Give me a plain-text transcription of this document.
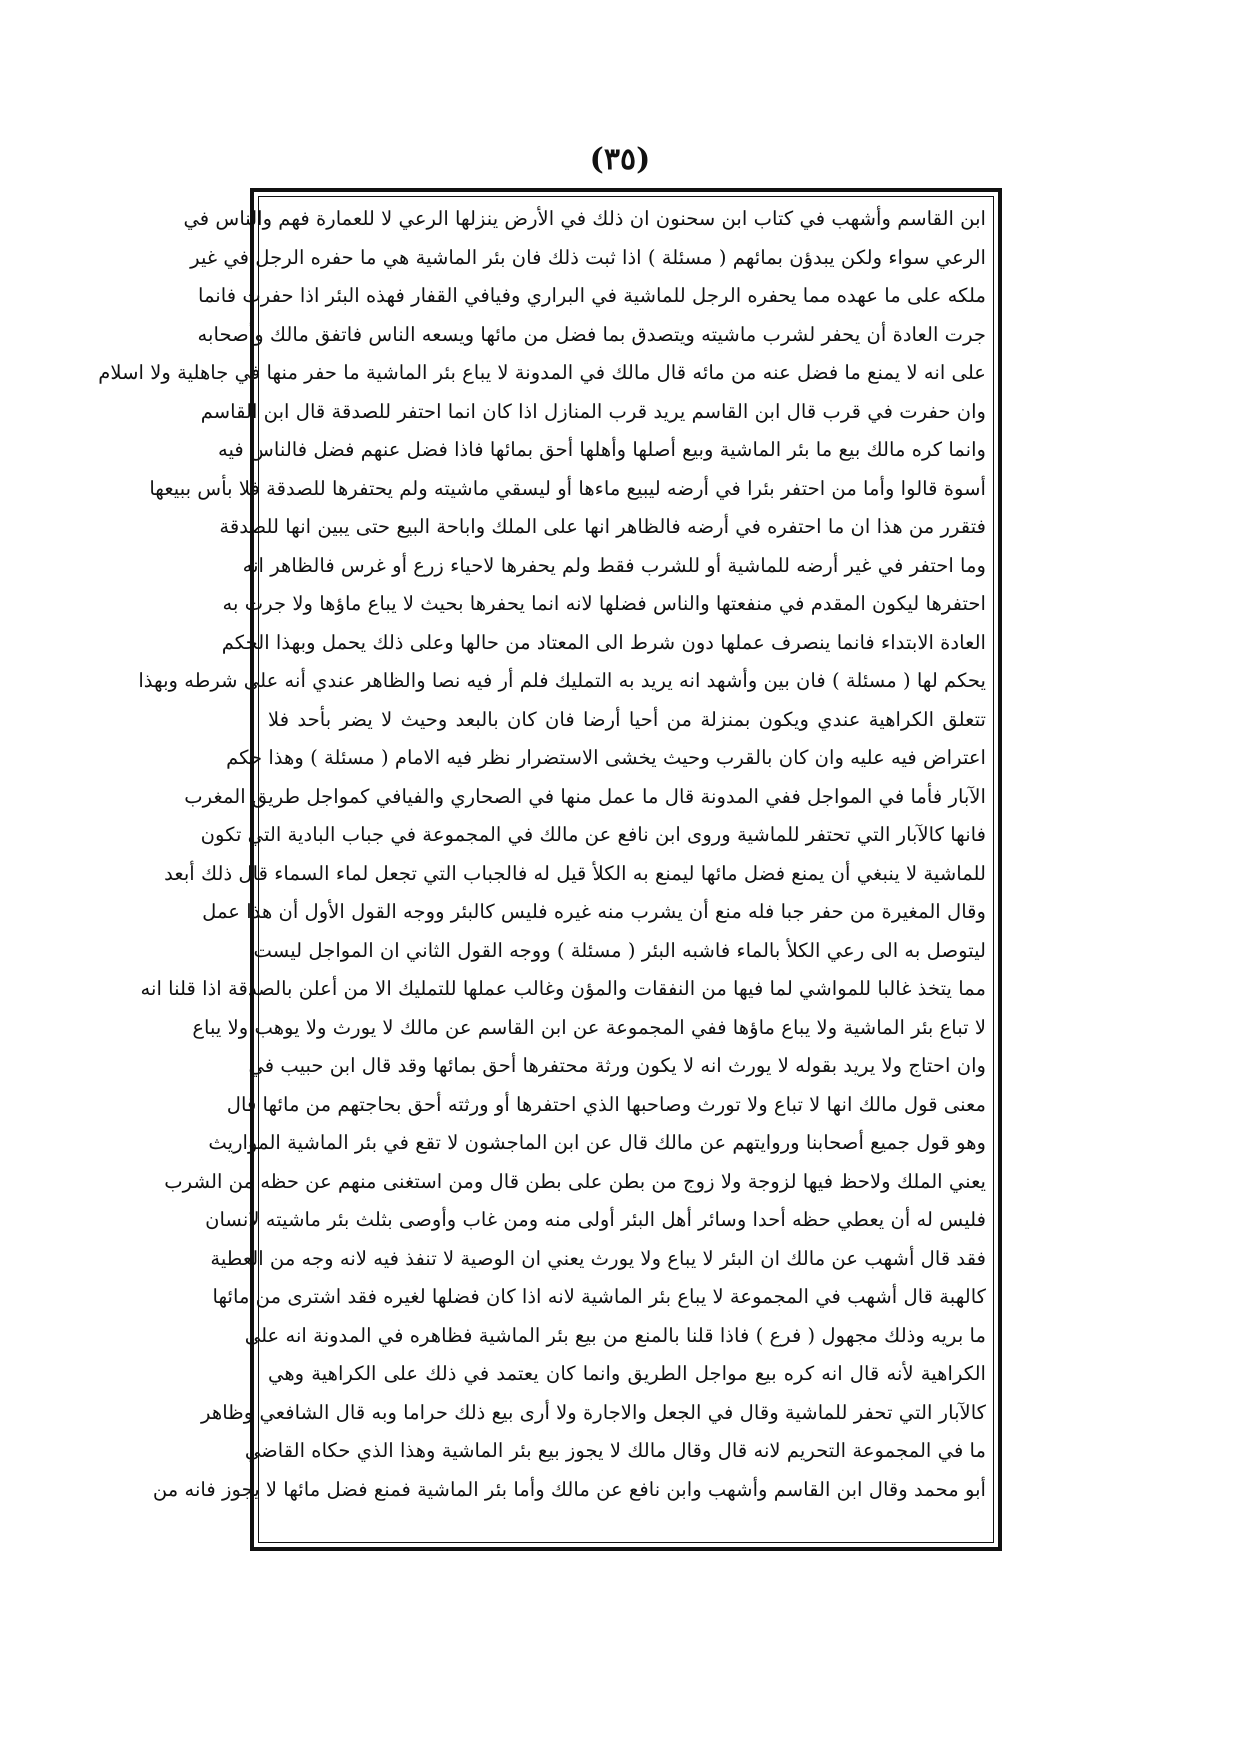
(٣٥)
ابن القاسم وأشهب في كتاب ابن سحنون ان ذلك في الأرض ينزلها الرعي لا للعمارة فهم والناس في
الرعي سواء ولكن يبدؤن بمائهم ( مسئلة ) اذا ثبت ذلك فان بئر الماشية هي ما حفره الرجل في غير
ملكه على ما عهده مما يحفره الرجل للماشية في البراري وفيافي القفار فهذه البئر اذا حفرت فانما
جرت العادة أن يحفر لشرب ماشيته ويتصدق بما فضل من مائها ويسعه الناس فاتفق مالك وأصحابه
على انه لا يمنع ما فضل عنه من مائه قال مالك في المدونة لا يباع بئر الماشية ما حفر منها في جاهلية ولا اسلام
وان حفرت في قرب قال ابن القاسم يريد قرب المنازل اذا كان انما احتفر للصدقة قال ابن القاسم
وانما كره مالك بيع ما بئر الماشية وبيع أصلها وأهلها أحق بمائها فاذا فضل عنهم فضل فالناس فيه
أسوة قالوا وأما من احتفر بئرا في أرضه ليبيع ماءها أو ليسقي ماشيته ولم يحتفرها للصدقة فلا بأس ببيعها
فتقرر من هذا ان ما احتفره في أرضه فالظاهر انها على الملك واباحة البيع حتى يبين انها للصدقة
وما احتفر في غير أرضه للماشية أو للشرب فقط ولم يحفرها لاحياء زرع أو غرس فالظاهر انه
احتفرها ليكون المقدم في منفعتها والناس فضلها لانه انما يحفرها بحيث لا يباع ماؤها ولا جرت به
العادة الابتداء فانما ينصرف عملها دون شرط الى المعتاد من حالها وعلى ذلك يحمل وبهذا الحكم
يحكم لها ( مسئلة ) فان بين وأشهد انه يريد به التمليك فلم أر فيه نصا والظاهر عندي أنه على شرطه وبهذا
تتعلق الكراهية عندي ويكون بمنزلة من أحيا أرضا فان كان بالبعد وحيث لا يضر بأحد فلا
اعتراض فيه عليه وان كان بالقرب وحيث يخشى الاستضرار نظر فيه الامام ( مسئلة ) وهذا حكم
الآبار فأما في المواجل ففي المدونة قال ما عمل منها في الصحاري والفيافي كمواجل طريق المغرب
فانها كالآبار التي تحتفر للماشية وروى ابن نافع عن مالك في المجموعة في جباب البادية التي تكون
للماشية لا ينبغي أن يمنع فضل مائها ليمنع به الكلأ قيل له فالجباب التي تجعل لماء السماء قال ذلك أبعد
وقال المغيرة من حفر جبا فله منع أن يشرب منه غيره فليس كالبئر ووجه القول الأول أن هذا عمل
ليتوصل به الى رعي الكلأ بالماء فاشبه البئر ( مسئلة ) ووجه القول الثاني ان المواجل ليست
مما يتخذ غالبا للمواشي لما فيها من النفقات والمؤن وغالب عملها للتمليك الا من أعلن بالصدقة اذا قلنا انه
لا تباع بئر الماشية ولا يباع ماؤها ففي المجموعة عن ابن القاسم عن مالك لا يورث ولا يوهب ولا يباع
وان احتاج ولا يريد بقوله لا يورث انه لا يكون ورثة محتفرها أحق بمائها وقد قال ابن حبيب في
معنى قول مالك انها لا تباع ولا تورث وصاحبها الذي احتفرها أو ورثته أحق بحاجتهم من مائها قال
وهو قول جميع أصحابنا وروايتهم عن مالك قال عن ابن الماجشون لا تقع في بئر الماشية المواريث
يعني الملك ولاحظ فيها لزوجة ولا زوج من بطن على بطن قال ومن استغنى منهم عن حظه من الشرب
فليس له أن يعطي حظه أحدا وسائر أهل البئر أولى منه ومن غاب وأوصى بثلث بئر ماشيته لانسان
فقد قال أشهب عن مالك ان البئر لا يباع ولا يورث يعني ان الوصية لا تنفذ فيه لانه وجه من العطية
كالهبة قال أشهب في المجموعة لا يباع بئر الماشية لانه اذا كان فضلها لغيره فقد اشترى من مائها
ما بريه وذلك مجهول ( فرع ) فاذا قلنا بالمنع من بيع بئر الماشية فظاهره في المدونة انه على
الكراهية لأنه قال انه كره بيع مواجل الطريق وانما كان يعتمد في ذلك على الكراهية وهي
كالآبار التي تحفر للماشية وقال في الجعل والاجارة ولا أرى بيع ذلك حراما وبه قال الشافعي وظاهر
ما في المجموعة التحريم لانه قال وقال مالك لا يجوز بيع بئر الماشية وهذا الذي حكاه القاضي
أبو محمد وقال ابن القاسم وأشهب وابن نافع عن مالك وأما بئر الماشية فمنع فضل مائها لا يجوز فانه من
